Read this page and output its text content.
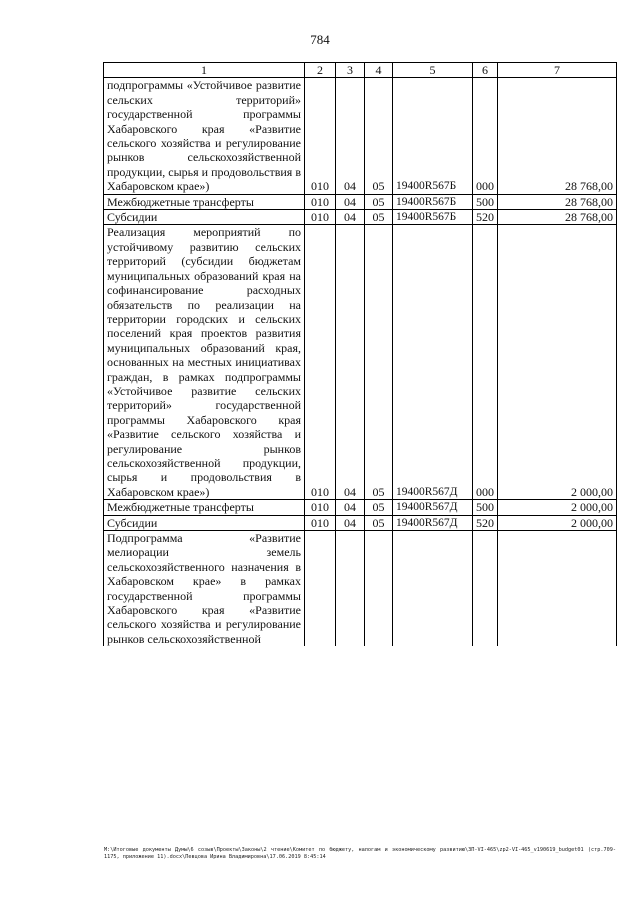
784
1	2	3	4	5	6	7
подпрограммы «Устойчивое развитие сельских территорий» государственной программы Хабаровского края «Развитие сельского хозяйства и регулирование рынков сельскохозяйственной продукции, сырья и продовольствия в Хабаровском крае»)	010	04	05	19400R567Б	000	28 768,00
Межбюджетные трансферты	010	04	05	19400R567Б	500	28 768,00
Субсидии	010	04	05	19400R567Б	520	28 768,00
Реализация мероприятий по устойчивому развитию сельских территорий (субсидии бюджетам муниципальных образований края на софинансирование расходных обязательств по реализации на территории городских и сельских поселений края проектов развития муниципальных образований края, основанных на местных инициативах граждан, в рамках подпрограммы «Устойчивое развитие сельских территорий» государственной программы Хабаровского края «Развитие сельского хозяйства и регулирование рынков сельскохозяйственной продукции, сырья и продовольствия в Хабаровском крае»)	010	04	05	19400R567Д	000	2 000,00
Межбюджетные трансферты	010	04	05	19400R567Д	500	2 000,00
Субсидии	010	04	05	19400R567Д	520	2 000,00
Подпрограмма «Развитие мелиорации земель сельскохозяйственного назначения в Хабаровском крае» в рамках государственной программы Хабаровского края «Развитие сельского хозяйства и регулирование рынков сельскохозяйственной						
М:\Итоговые документы Думы\6 созыв\Проекты\Законы\2 чтение\Комитет по бюджету, налогам и экономическому развитию\ЗП-VI-465\zp2-VI-465_v190619_budget01 (стр.709-1175, приложение 11).docx\Певцова Ирина Владимировна\17.06.2019 8:45:14
